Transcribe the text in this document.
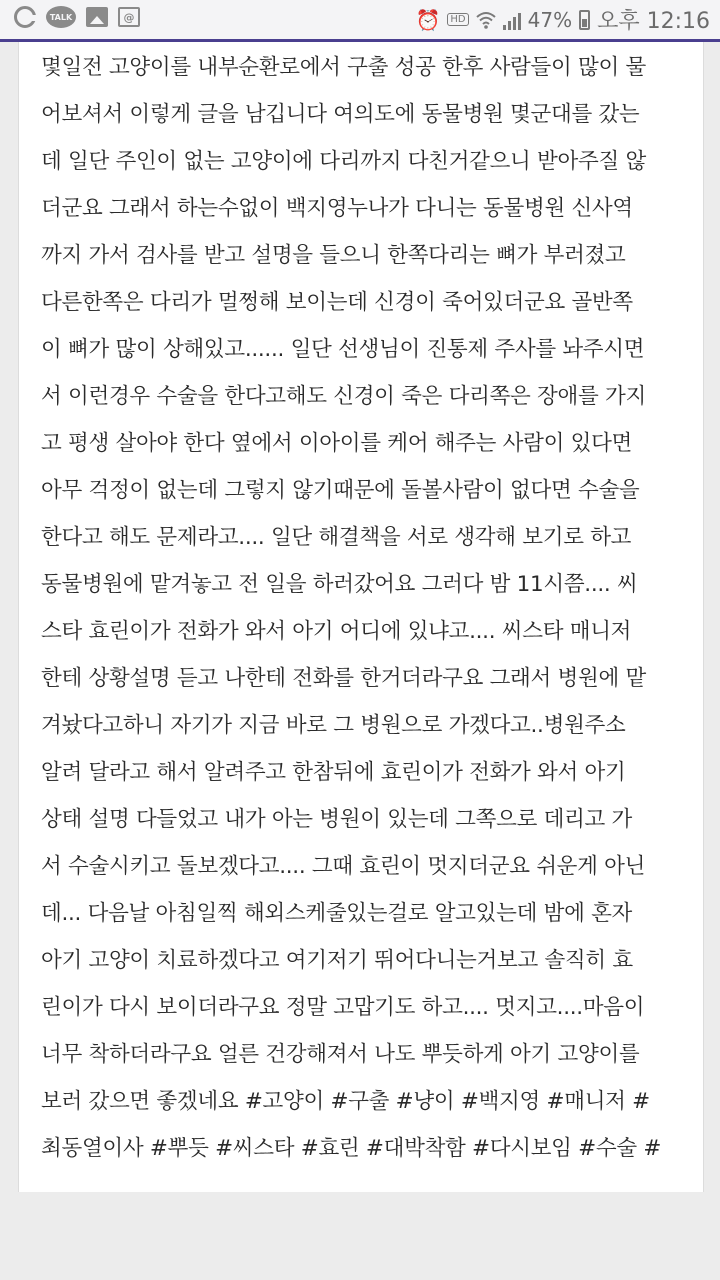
TALK	@	⏰	HD	47% 오후 12:16
몇일전 고양이를 내부순환로에서 구출 성공 한후 사람들이 많이 물
어보셔서 이렇게 글을 남깁니다 여의도에 동물병원 몇군대를 갔는
데 일단 주인이 없는 고양이에 다리까지 다친거같으니 받아주질 않
더군요 그래서 하는수없이 백지영누나가 다니는 동물병원 신사역
까지 가서 검사를 받고 설명을 들으니 한쪽다리는 뼈가 부러졌고
다른한쪽은 다리가 멀쩡해 보이는데 신경이 죽어있더군요 골반쪽
이 뼈가 많이 상해있고...... 일단 선생님이 진통제 주사를 놔주시면
서 이런경우 수술을 한다고해도 신경이 죽은 다리쪽은 장애를 가지
고 평생 살아야 한다 옆에서 이아이를 케어 해주는 사람이 있다면
아무 걱정이 없는데 그렇지 않기때문에 돌볼사람이 없다면 수술을
한다고 해도 문제라고.... 일단 해결책을 서로 생각해 보기로 하고
동물병원에 맡겨놓고 전 일을 하러갔어요 그러다 밤 11시쯤.... 씨
스타 효린이가 전화가 와서 아기 어디에 있냐고.... 씨스타 매니저
한테 상황설명 듣고 나한테 전화를 한거더라구요 그래서 병원에 맡
겨놨다고하니 자기가 지금 바로 그 병원으로 가겠다고..병원주소
알려 달라고 해서 알려주고 한참뒤에 효린이가 전화가 와서 아기
상태 설명 다들었고 내가 아는 병원이 있는데 그쪽으로 데리고 가
서 수술시키고 돌보겠다고.... 그때 효린이 멋지더군요 쉬운게 아닌
데... 다음날 아침일찍 해외스케줄있는걸로 알고있는데 밤에 혼자
아기 고양이 치료하겠다고 여기저기 뛰어다니는거보고 솔직히 효
린이가 다시 보이더라구요 정말 고맙기도 하고.... 멋지고....마음이
너무 착하더라구요 얼른 건강해져서 나도 뿌듯하게 아기 고양이를
보러 갔으면 좋겠네요 #고양이 #구출 #냥이 #백지영 #매니저 #
최동열이사 #뿌듯 #씨스타 #효린 #대박착함 #다시보임 #수술 #
